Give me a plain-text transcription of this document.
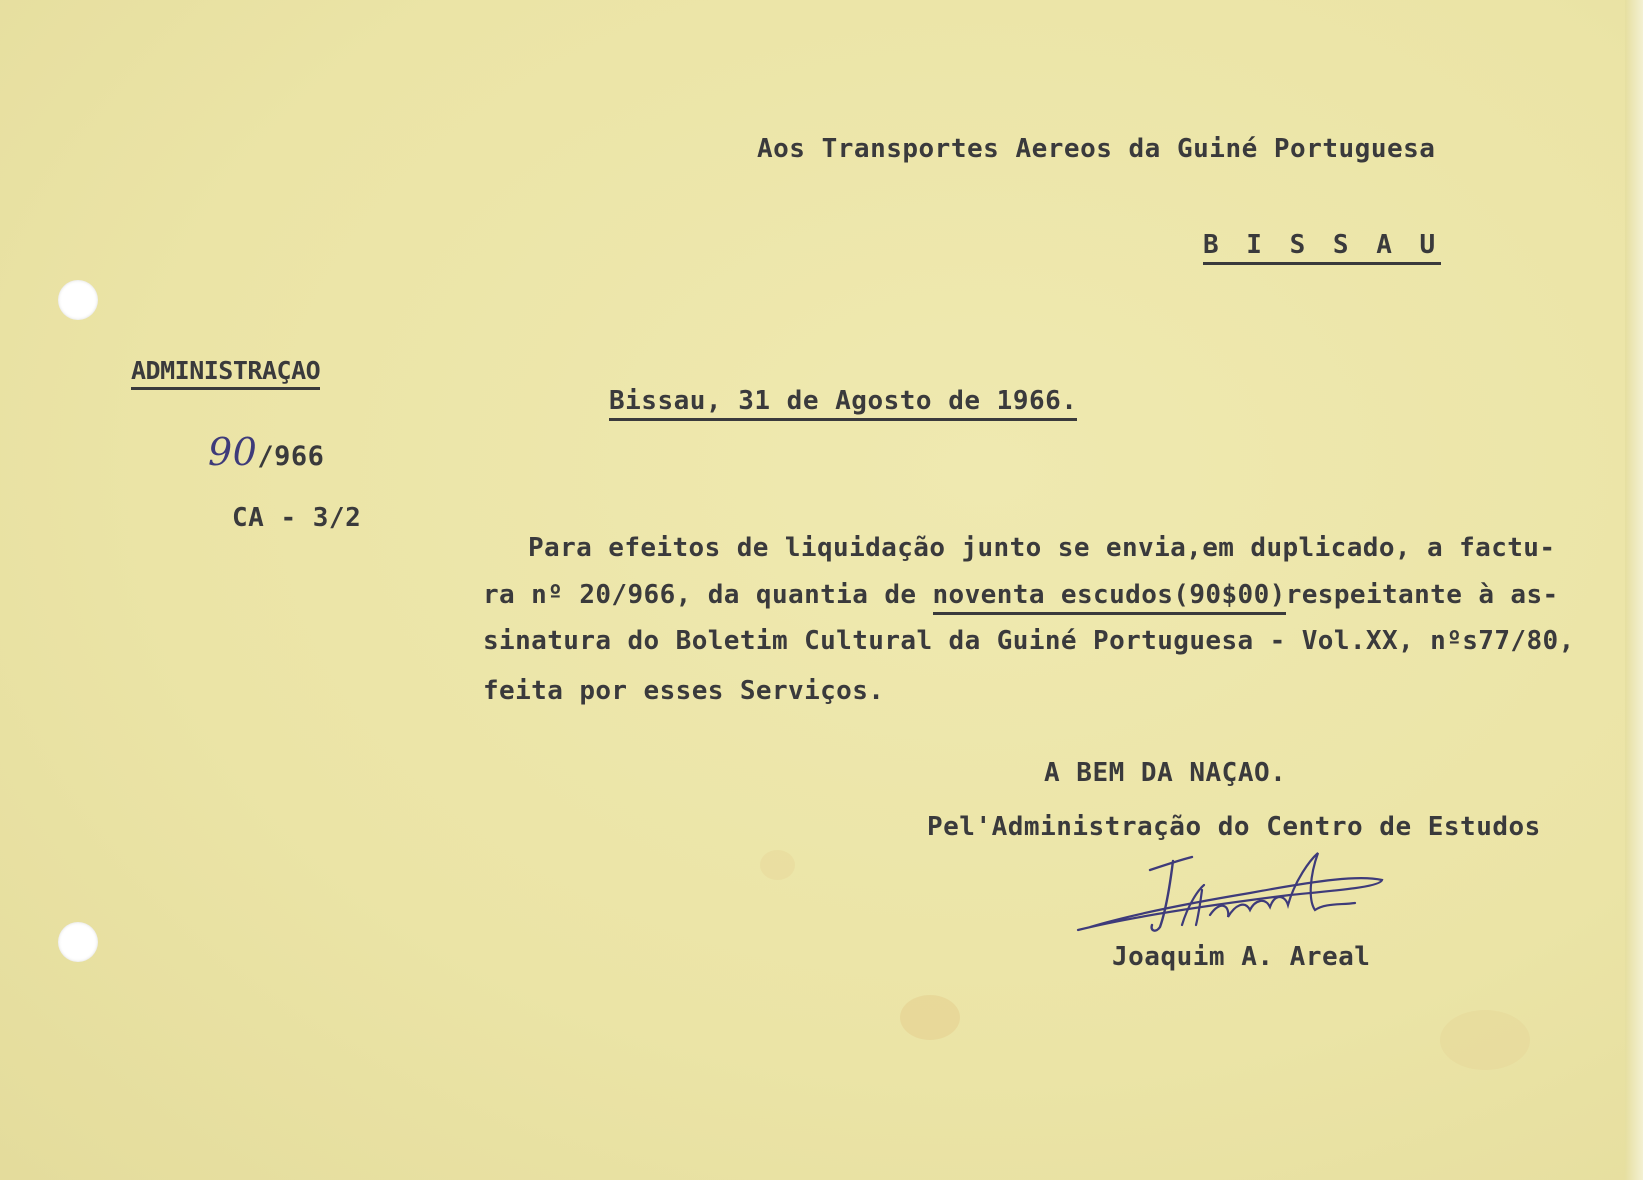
Aos Transportes Aereos da Guiné Portuguesa
B I S S A U
ADMINISTRAÇAO
90/966
CA - 3/2
Bissau, 31 de Agosto de 1966.
Para efeitos de liquidação junto se envia,em duplicado, a factu-
ra nº 20/966, da quantia de noventa escudos(90$00)respeitante à as-
sinatura do Boletim Cultural da Guiné Portuguesa - Vol.XX, nºs77/80,
feita por esses Serviços.
A BEM DA NAÇAO.
Pel'Administração do Centro de Estudos
Joaquim A. Areal
